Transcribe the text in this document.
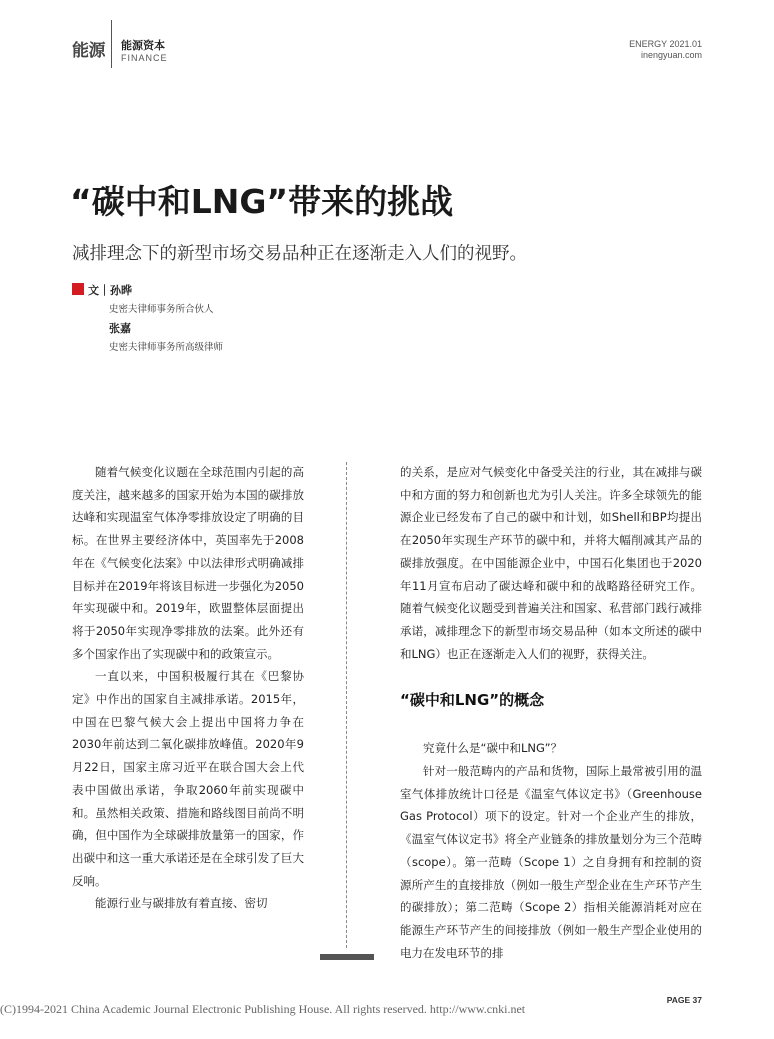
能源 能源资本
FINANCE
ENERGY 2021.01
inengyuan.com
“碳中和LNG”带来的挑战
减排理念下的新型市场交易品种正在逐渐走入人们的视野。
文｜孙晔
史密夫律师事务所合伙人
张嘉
史密夫律师事务所高级律师

随着气候变化议题在全球范围内引起的高度关注，越来越多的国家开始为本国的碳排放达峰和实现温室气体净零排放设定了明确的目标。在世界主要经济体中，英国率先于2008年在《气候变化法案》中以法律形式明确减排目标并在2019年将该目标进一步强化为2050年实现碳中和。2019年，欧盟整体层面提出将于2050年实现净零排放的法案。此外还有多个国家作出了实现碳中和的政策宣示。

一直以来，中国积极履行其在《巴黎协定》中作出的国家自主减排承诺。2015年，中国在巴黎气候大会上提出中国将力争在2030年前达到二氧化碳排放峰值。2020年9月22日，国家主席习近平在联合国大会上代表中国做出承诺，争取2060年前实现碳中和。虽然相关政策、措施和路线图目前尚不明确，但中国作为全球碳排放量第一的国家，作出碳中和这一重大承诺还是在全球引发了巨大反响。

能源行业与碳排放有着直接、密切

的关系，是应对气候变化中备受关注的行业，其在减排与碳中和方面的努力和创新也尤为引人关注。许多全球领先的能源企业已经发布了自己的碳中和计划，如Shell和BP均提出在2050年实现生产环节的碳中和，并将大幅削减其产品的碳排放强度。在中国能源企业中，中国石化集团也于2020年11月宣布启动了碳达峰和碳中和的战略路径研究工作。随着气候变化议题受到普遍关注和国家、私营部门践行减排承诺，减排理念下的新型市场交易品种（如本文所述的碳中和LNG）也正在逐渐走入人们的视野，获得关注。

“碳中和LNG”的概念

究竟什么是“碳中和LNG”？

针对一般范畴内的产品和货物，国际上最常被引用的温室气体排放统计口径是《温室气体议定书》（Greenhouse Gas Protocol）项下的设定。针对一个企业产生的排放，《温室气体议定书》将全产业链条的排放量划分为三个范畴（scope）。第一范畴（Scope 1）之自身拥有和控制的资源所产生的直接排放（例如一般生产型企业在生产环节产生的碳排放）；第二范畴（Scope 2）指相关能源消耗对应在能源生产环节产生的间接排放（例如一般生产型企业使用的电力在发电环节的排

(C)1994-2021 China Academic Journal Electronic Publishing House. All rights reserved. http://www.cnki.net
PAGE 37
